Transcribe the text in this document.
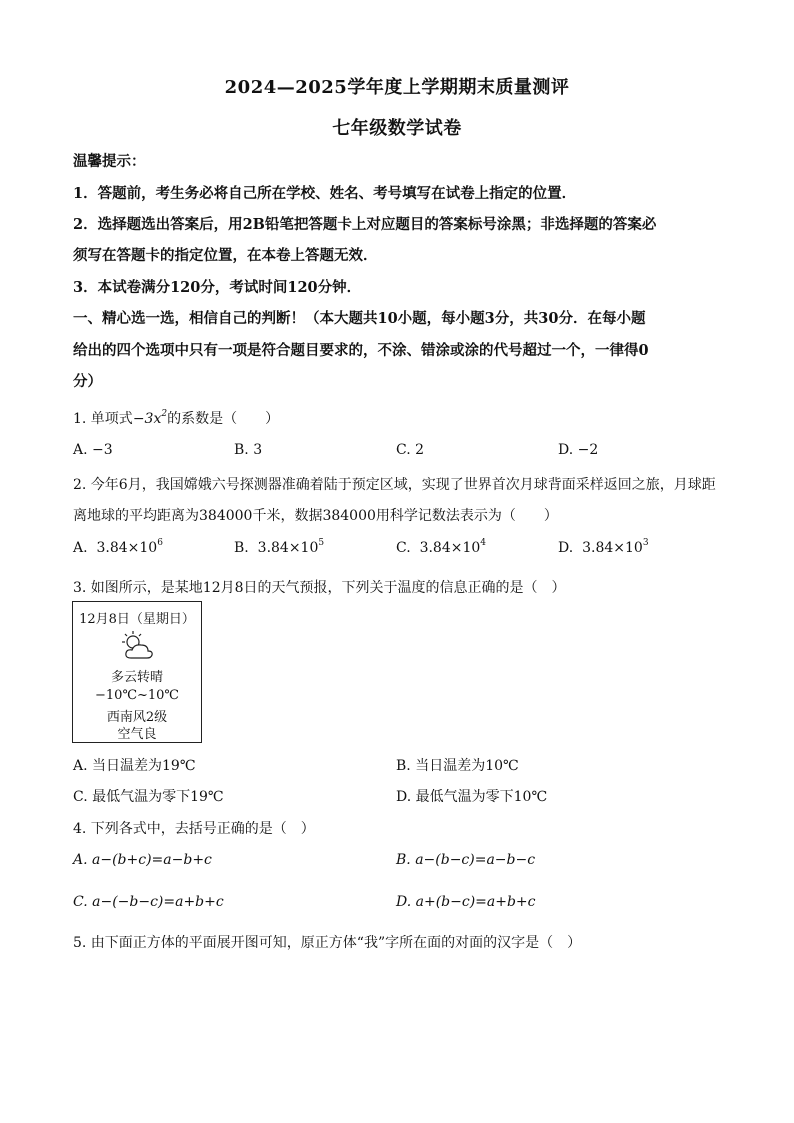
2024—2025学年度上学期期末质量测评
七年级数学试卷
温馨提示：
1．答题前，考生务必将自己所在学校、姓名、考号填写在试卷上指定的位置．
2．选择题选出答案后，用2B铅笔把答题卡上对应题目的答案标号涂黑；非选择题的答案必
须写在答题卡的指定位置，在本卷上答题无效．
3．本试卷满分120分，考试时间120分钟．
一、精心选一选，相信自己的判断！（本大题共10小题，每小题3分，共30分．在每小题
给出的四个选项中只有一项是符合题目要求的，不涂、错涂或涂的代号超过一个，一律得0
分）
1. 单项式$-3x^2$的系数是（　　）
A. −3	B. 3	C. 2	D. −2
2. 今年6月，我国嫦娥六号探测器准确着陆于预定区域，实现了世界首次月球背面采样返回之旅，月球距
离地球的平均距离为384000千米，数据384000用科学记数法表示为（　　）
A. $3.84\times 10^6$	B. $3.84\times 10^5$	C. $3.84\times 10^4$	D. $3.84\times 10^3$
3. 如图所示，是某地12月8日的天气预报，下列关于温度的信息正确的是（　）
12月8日（星期日）
多云转晴
−10℃~10℃
西南风2级
空气良
A. 当日温差为19℃	B. 当日温差为10℃
C. 最低气温为零下19℃	D. 最低气温为零下10℃
4. 下列各式中，去括号正确的是（　）
A. a−(b+c)=a−b+c	B. a−(b−c)=a−b−c
C. a−(−b−c)=a+b+c	D. a+(b−c)=a+b+c
5. 由下面正方体的平面展开图可知，原正方体“我”字所在面的对面的汉字是（　）
